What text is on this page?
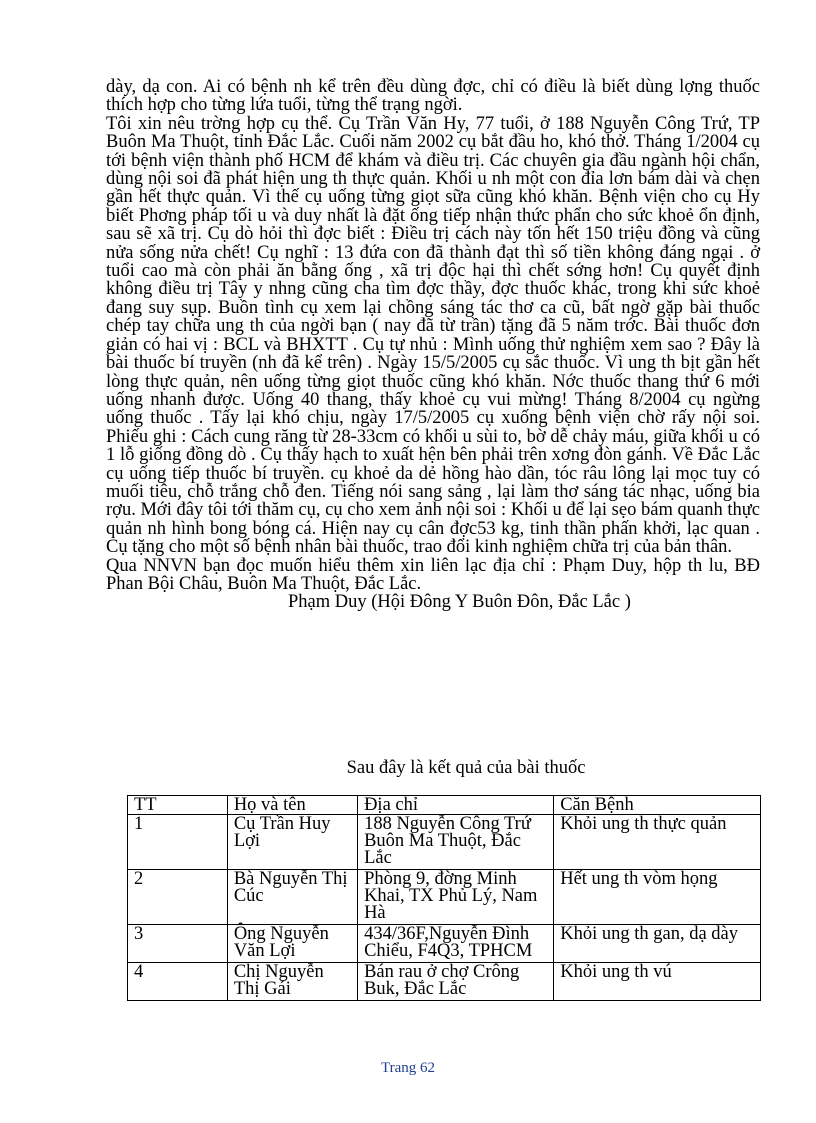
dày, dạ con. Ai có bệnh nh kể trên đều dùng đợc, chỉ có điều là biết dùng lợng thuốc thích hợp cho từng lứa tuổi, từng thể trạng ngời.

Tôi xin nêu trờng hợp cụ thể. Cụ Trần Văn Hy, 77 tuổi, ở 188 Nguyễn Công Trứ, TP Buôn Ma Thuột, tỉnh Đắc Lắc. Cuối năm 2002 cụ bắt đầu ho, khó thở. Tháng 1/2004 cụ tới bệnh viện thành phố HCM để khám và điều trị. Các chuyên gia đầu ngành hội chẩn, dùng nội soi đã phát hiện ung th thực quản. Khối u nh một con đỉa lơn bám dài và chẹn gần hết thực quản. Vì thế cụ uống từng giọt sữa cũng khó khăn. Bệnh viện cho cụ Hy biết Phơng pháp tối u và duy nhất là đặt ống tiếp nhận thức phẩn cho sức khoẻ ổn định, sau sẽ xã trị. Cụ dò hỏi thì đợc biết : Điều trị cách này tốn hết 150 triệu đồng và cũng nửa sống nửa chết! Cụ nghĩ : 13 đứa con đã thành đạt thì số tiền không đáng ngại . ở tuổi cao mà còn phải ăn bằng ống , xã trị độc hại thì chết sớng hơn! Cụ quyết định không điều trị Tây y nhng cũng cha tìm đợc thầy, đợc thuốc khác, trong khi sức khoẻ đang suy sụp. Buồn tình cụ xem lại chồng sáng tác thơ ca cũ, bất ngờ gặp bài thuốc chép tay chữa ung th của ngời bạn ( nay đã từ trần) tặng đã 5 năm trớc. Bài thuốc đơn giản có hai vị : BCL và BHXTT . Cụ tự nhủ : Mình uống thử nghiệm xem sao ? Đây là bài thuốc bí truyền (nh đã kể trên) . Ngày 15/5/2005 cụ sắc thuốc. Vì ung th bịt gần hết lòng thực quản, nên uống từng giọt thuốc cũng khó khăn. Nớc thuốc thang thứ 6 mới uống nhanh được. Uống 40 thang, thấy khoẻ cụ vui mừng! Tháng 8/2004 cụ ngừng uống thuốc . Tấy lại khó chịu, ngày 17/5/2005 cụ xuống bệnh viện chờ rấy nội soi. Phiếu ghi : Cách cung răng từ 28-33cm có khối u sùi to, bờ dễ chảy máu, giữa khối u có 1 lỗ giống đồng dò . Cụ thấy hạch to xuất hện bên phải trên xơng đòn gánh. Về Đắc Lắc cụ uống tiếp thuốc bí truyền. cụ khoẻ da dẻ hồng hào dần, tóc râu lông lại mọc tuy có muối tiêu, chỗ trắng chỗ đen. Tiếng nói sang sảng , lại làm thơ sáng tác nhạc, uống bia rợu. Mới đây tôi tới thăm cụ, cụ cho xem ảnh nội soi : Khối u để lại sẹo bám quanh thực quản nh hình bong bóng cá. Hiện nay cụ cân đợc53 kg, tinh thần phấn khởi, lạc quan . Cụ tặng cho một số bệnh nhân bài thuốc, trao đổi kinh nghiệm chữa trị của bản thân.

Qua NNVN bạn đọc muốn hiểu thêm xin liên lạc địa chỉ : Phạm Duy, hộp th lu, BĐ Phan Bội Châu, Buôn Ma Thuột, Đắc Lắc.

Phạm Duy (Hội Đông Y Buôn Đôn, Đắc Lắc )

Sau đây là kết quả của bài thuốc
TT	Họ và tên	Địa chỉ	Căn Bệnh
1	Cụ Trần Huy Lợi	188 Nguyễn Công Trứ Buôn Ma Thuột, Đắc Lắc	Khỏi ung th thực quản
2	Bà Nguyễn Thị Cúc	Phòng 9, đờng Minh Khai, TX Phủ Lý, Nam Hà	Hết ung th vòm họng
3	Ông Nguyễn Văn Lợi	434/36F,Nguyễn Đình Chiểu, F4Q3, TPHCM	Khỏi ung th gan, dạ dày
4	Chị Nguyễn Thị Gái	Bán rau ở chợ Crông Buk, Đắc Lắc	Khỏi ung th vú
Trang 62
